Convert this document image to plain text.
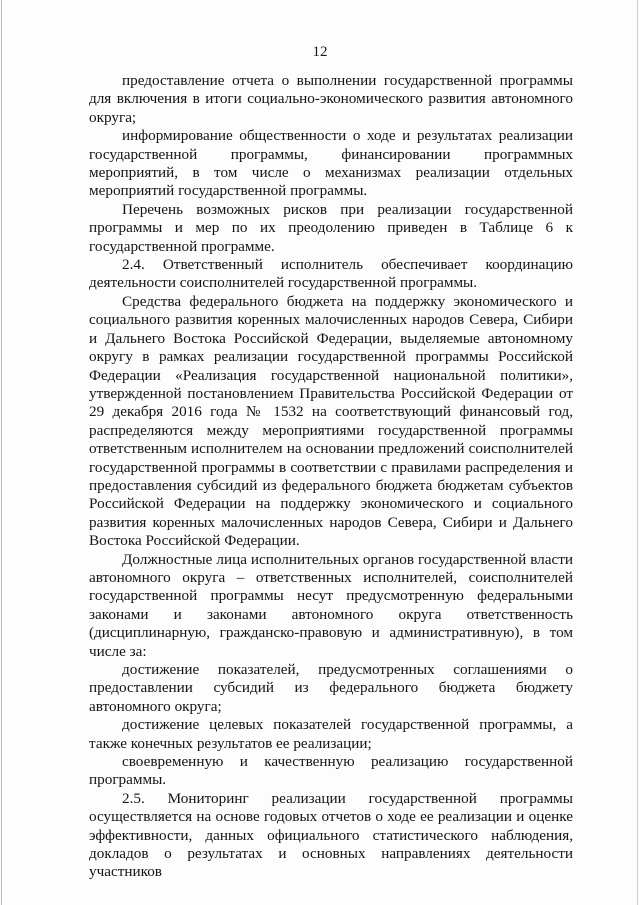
12

предоставление отчета о выполнении государственной программы для включения в итоги социально-экономического развития автономного округа;

информирование общественности о ходе и результатах реализации государственной программы, финансировании программных мероприятий, в том числе о механизмах реализации отдельных мероприятий государственной программы.

Перечень возможных рисков при реализации государственной программы и мер по их преодолению приведен в Таблице 6 к государственной программе.

2.4. Ответственный исполнитель обеспечивает координацию деятельности соисполнителей государственной программы.

Средства федерального бюджета на поддержку экономического и социального развития коренных малочисленных народов Севера, Сибири и Дальнего Востока Российской Федерации, выделяемые автономному округу в рамках реализации государственной программы Российской Федерации «Реализация государственной национальной политики», утвержденной постановлением Правительства Российской Федерации от 29 декабря 2016 года № 1532 на соответствующий финансовый год, распределяются между мероприятиями государственной программы ответственным исполнителем на основании предложений соисполнителей государственной программы в соответствии с правилами распределения и предоставления субсидий из федерального бюджета бюджетам субъектов Российской Федерации на поддержку экономического и социального развития коренных малочисленных народов Севера, Сибири и Дальнего Востока Российской Федерации.

Должностные лица исполнительных органов государственной власти автономного округа – ответственных исполнителей, соисполнителей государственной программы несут предусмотренную федеральными законами и законами автономного округа ответственность (дисциплинарную, гражданско-правовую и административную), в том числе за:

достижение показателей, предусмотренных соглашениями о предоставлении субсидий из федерального бюджета бюджету автономного округа;

достижение целевых показателей государственной программы, а также конечных результатов ее реализации;

своевременную и качественную реализацию государственной программы.

2.5. Мониторинг реализации государственной программы осуществляется на основе годовых отчетов о ходе ее реализации и оценке эффективности, данных официального статистического наблюдения, докладов о результатах и основных направлениях деятельности участников
